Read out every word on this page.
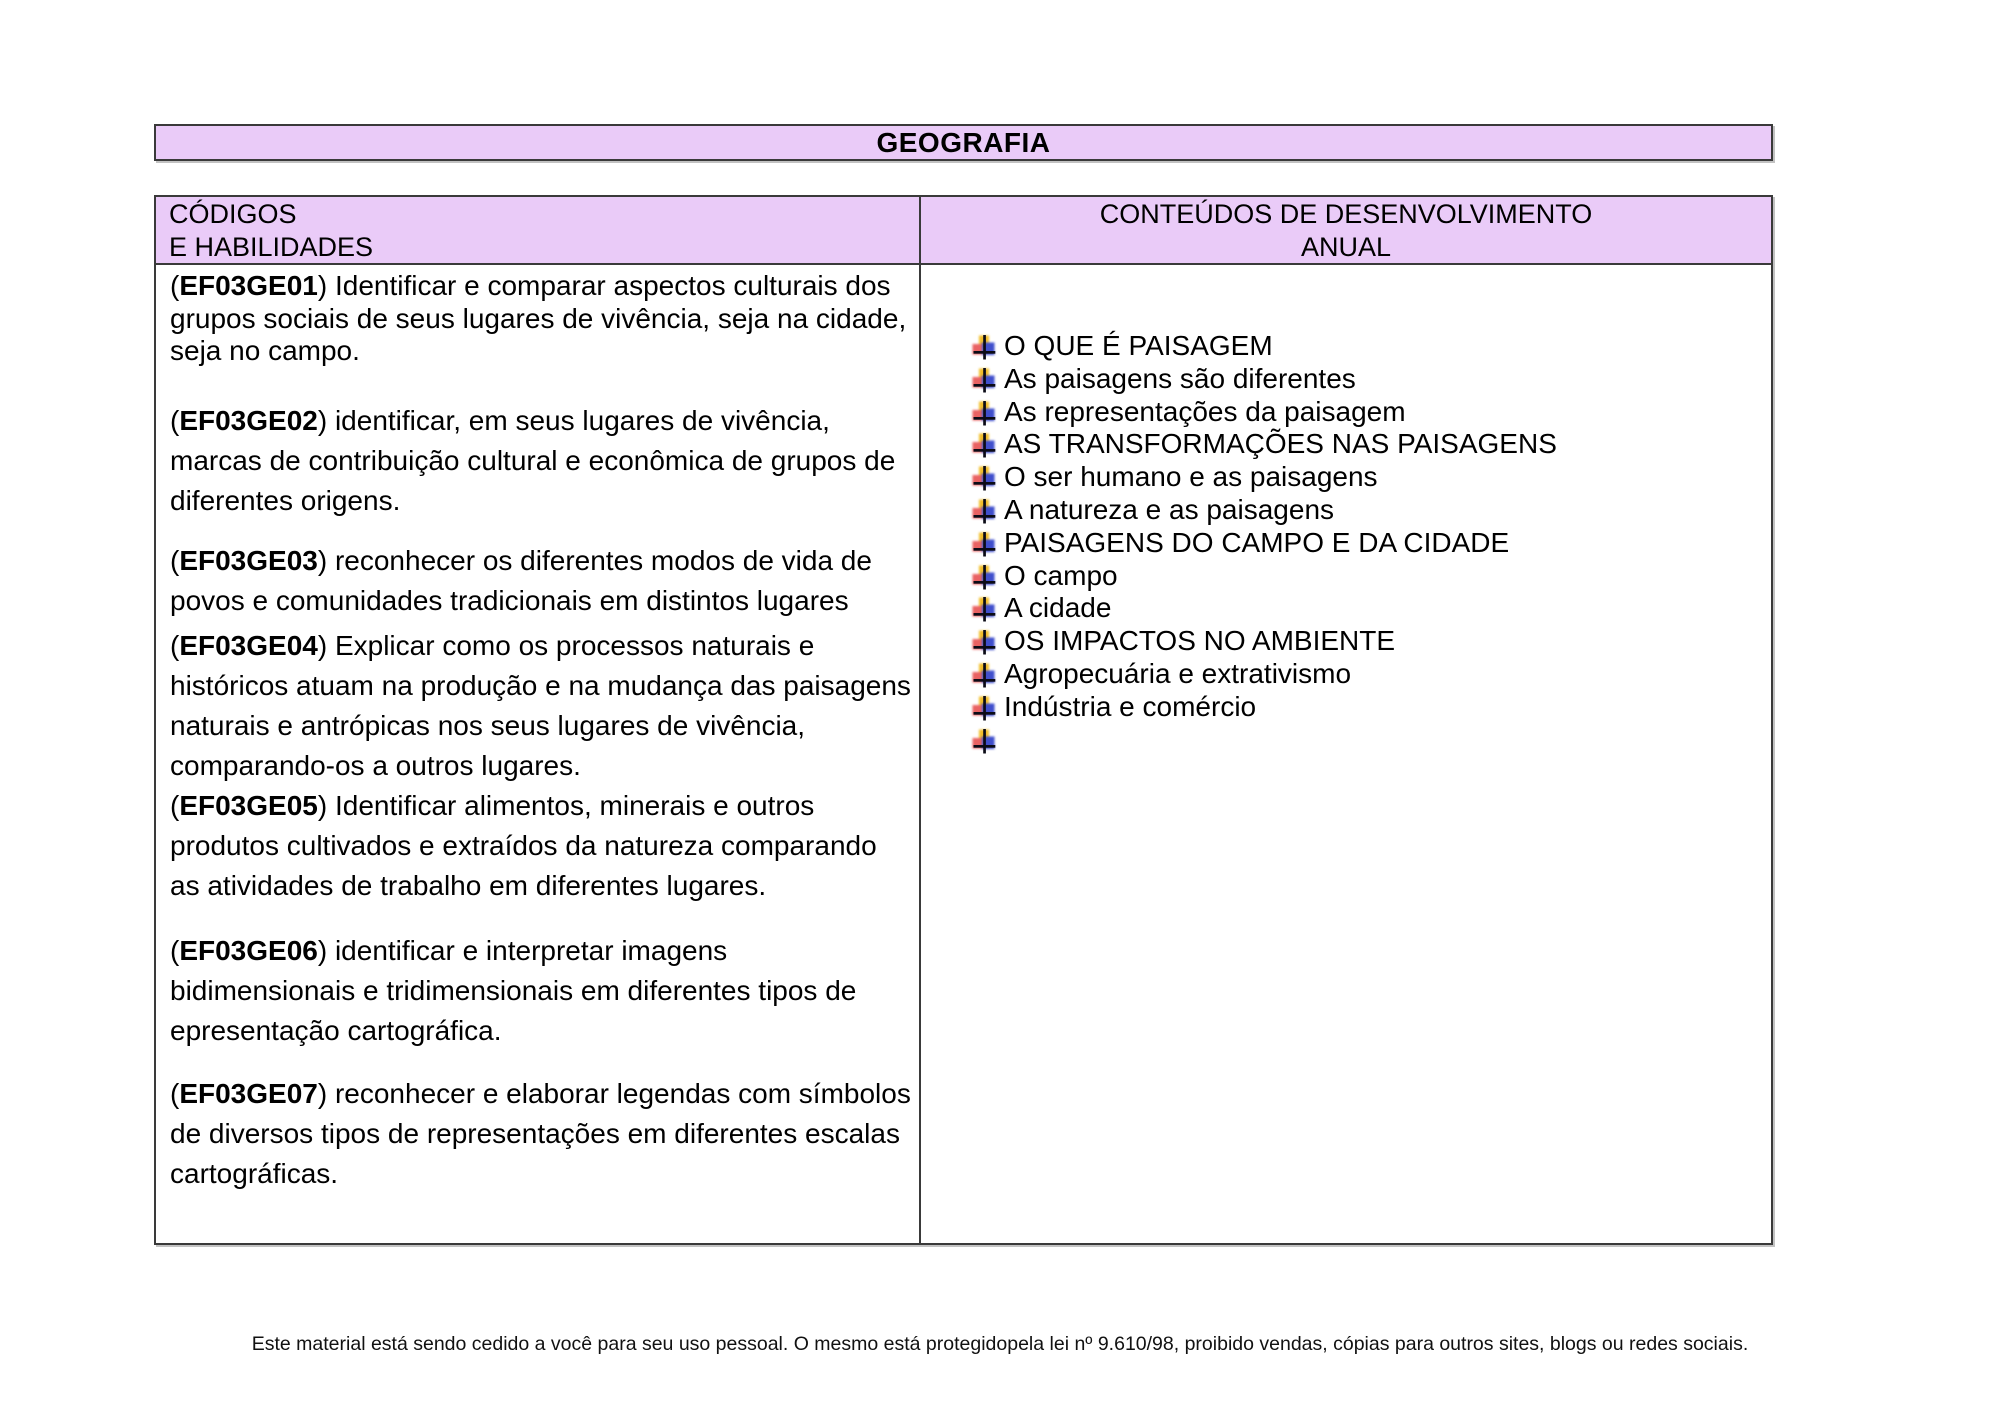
GEOGRAFIA
CÓDIGOS
E HABILIDADES
CONTEÚDOS DE DESENVOLVIMENTO
ANUAL

(EF03GE01) Identificar e comparar aspectos culturais dos grupos sociais de seus lugares de vivência, seja na cidade, seja no campo.

(EF03GE02) identificar, em seus lugares de vivência, marcas de contribuição cultural e econômica de grupos de diferentes origens.

(EF03GE03) reconhecer os diferentes modos de vida de povos e comunidades tradicionais em distintos lugares

(EF03GE04) Explicar como os processos naturais e históricos atuam na produção e na mudança das paisagens naturais e antrópicas nos seus lugares de vivência, comparando-os a outros lugares.

(EF03GE05) Identificar alimentos, minerais e outros produtos cultivados e extraídos da natureza comparando as atividades de trabalho em diferentes lugares.

(EF03GE06) identificar e interpretar imagens bidimensionais e tridimensionais em diferentes tipos de epresentação cartográfica.

(EF03GE07) reconhecer e elaborar legendas com símbolos de diversos tipos de representações em diferentes escalas cartográficas.

O QUE É PAISAGEM
As paisagens são diferentes
As representações da paisagem
AS TRANSFORMAÇÕES NAS PAISAGENS
O ser humano e as paisagens
A natureza e as paisagens
PAISAGENS DO CAMPO E DA CIDADE
O campo
A cidade
OS IMPACTOS NO AMBIENTE
Agropecuária e extrativismo
Indústria e comércio
Este material está sendo cedido a você para seu uso pessoal. O mesmo está protegidopela lei nº 9.610/98, proibido vendas, cópias para outros sites, blogs ou redes sociais.
